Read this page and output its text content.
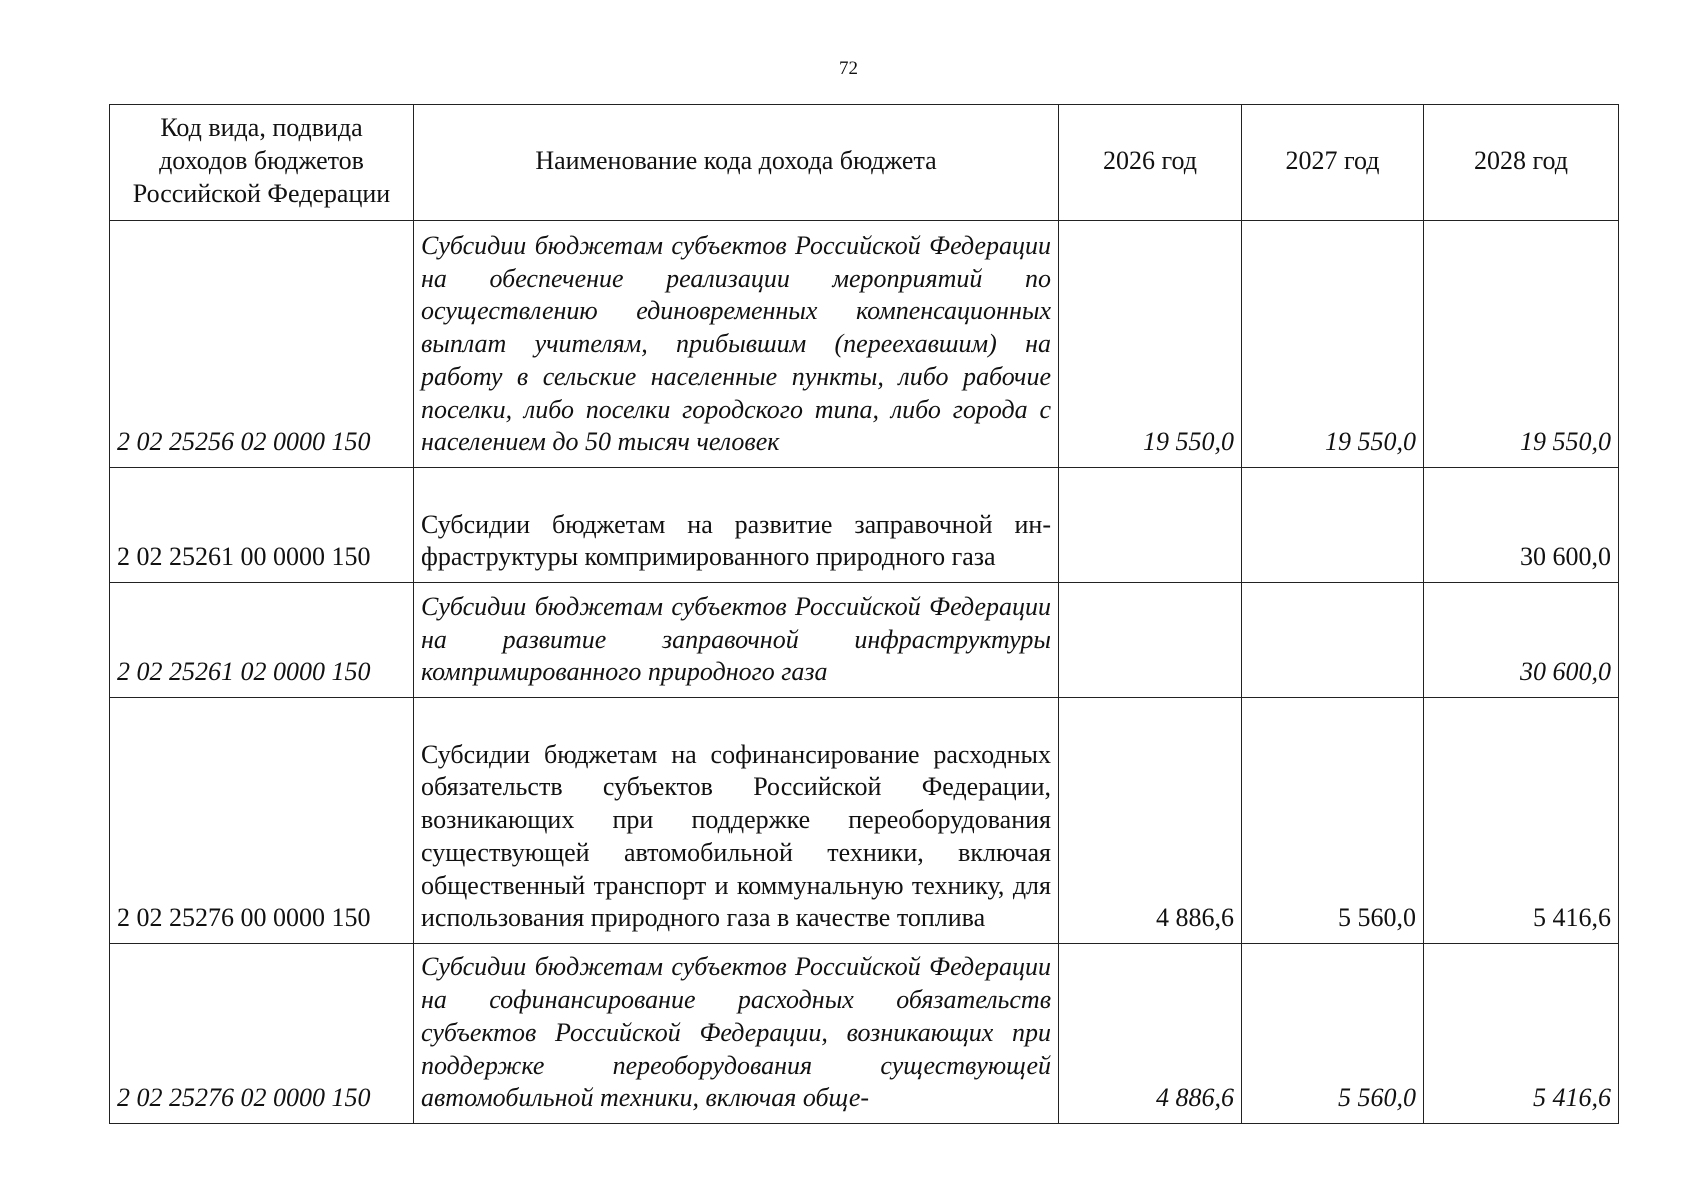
72
Код вида, подвида доходов бюджетов Российской Федерации	Наименование кода дохода бюджета	2026 год	2027 год	2028 год
2 02 25256 02 0000 150	Субсидии бюджетам субъектов Российской Федерации на обеспечение реализации мероприятий по осуществлению единовременных компенсационных выплат учителям, прибывшим (переехавшим) на работу в сельские населенные пункты, либо рабочие поселки, либо поселки городского типа, либо города с населением до 50 тысяч человек	19 550,0	19 550,0	19 550,0
2 02 25261 00 0000 150	Субсидии бюджетам на развитие заправочной инфраструктуры компримированного природного газа			30 600,0
2 02 25261 02 0000 150	Субсидии бюджетам субъектов Российской Федерации на развитие заправочной инфраструктуры компримированного природного газа			30 600,0
2 02 25276 00 0000 150	Субсидии бюджетам на софинансирование расходных обязательств субъектов Российской Федерации, возникающих при поддержке переоборудования существующей автомобильной техники, включая общественный транспорт и коммунальную технику, для использования природного газа в качестве топлива	4 886,6	5 560,0	5 416,6
2 02 25276 02 0000 150	Субсидии бюджетам субъектов Российской Федерации на софинансирование расходных обязательств субъектов Российской Федерации, возникающих при поддержке переоборудования существующей автомобильной техники, включая обще-	4 886,6	5 560,0	5 416,6
